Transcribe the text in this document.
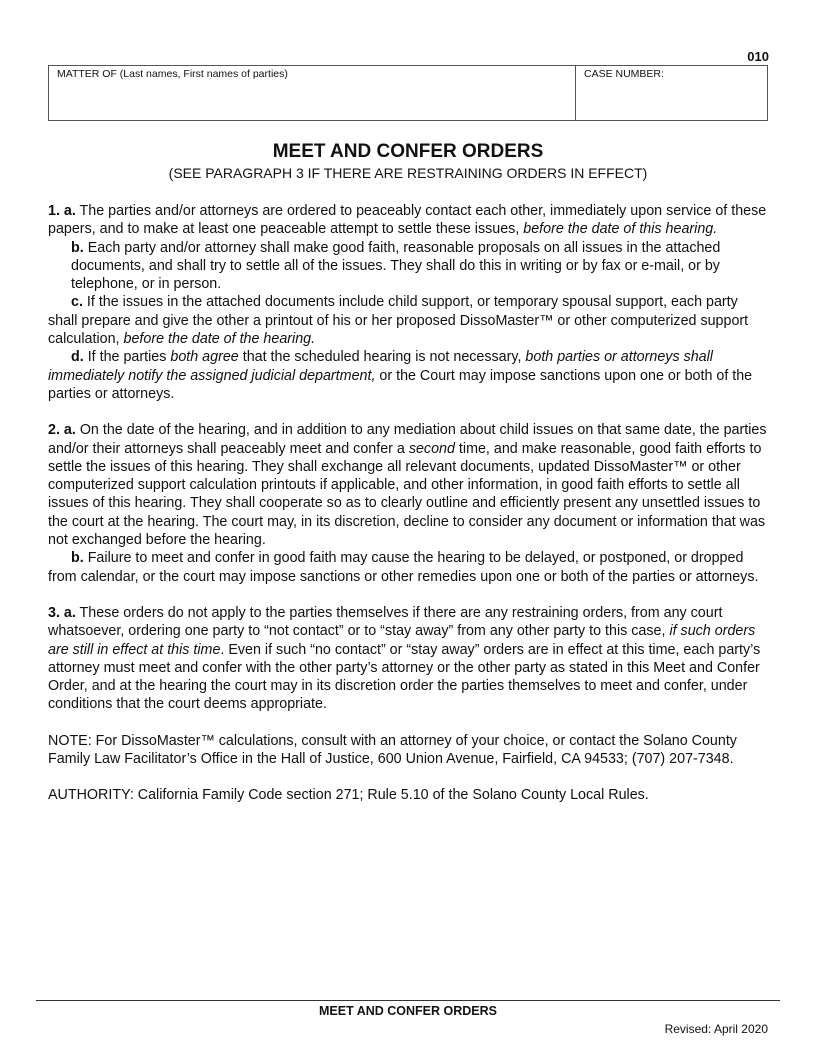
010
MATTER OF (Last names, First names of parties)	CASE NUMBER:
MEET AND CONFER ORDERS
(SEE PARAGRAPH 3 IF THERE ARE RESTRAINING ORDERS IN EFFECT)

1. a. The parties and/or attorneys are ordered to peaceably contact each other, immediately upon service of these papers, and to make at least one peaceable attempt to settle these issues, before the date of this hearing.

b. Each party and/or attorney shall make good faith, reasonable proposals on all issues in the attached documents, and shall try to settle all of the issues. They shall do this in writing or by fax or e-mail, or by telephone, or in person.

c. If the issues in the attached documents include child support, or temporary spousal support, each party shall prepare and give the other a printout of his or her proposed DissoMaster™ or other computerized support calculation, before the date of the hearing.

d. If the parties both agree that the scheduled hearing is not necessary, both parties or attorneys shall immediately notify the assigned judicial department, or the Court may impose sanctions upon one or both of the parties or attorneys.

2. a. On the date of the hearing, and in addition to any mediation about child issues on that same date, the parties and/or their attorneys shall peaceably meet and confer a second time, and make reasonable, good faith efforts to settle the issues of this hearing. They shall exchange all relevant documents, updated DissoMaster™ or other computerized support calculation printouts if applicable, and other information, in good faith efforts to settle all issues of this hearing. They shall cooperate so as to clearly outline and efficiently present any unsettled issues to the court at the hearing. The court may, in its discretion, decline to consider any document or information that was not exchanged before the hearing.

b. Failure to meet and confer in good faith may cause the hearing to be delayed, or postponed, or dropped from calendar, or the court may impose sanctions or other remedies upon one or both of the parties or attorneys.

3. a. These orders do not apply to the parties themselves if there are any restraining orders, from any court whatsoever, ordering one party to “not contact” or to “stay away” from any other party to this case, if such orders are still in effect at this time. Even if such “no contact” or “stay away” orders are in effect at this time, each party’s attorney must meet and confer with the other party’s attorney or the other party as stated in this Meet and Confer Order, and at the hearing the court may in its discretion order the parties themselves to meet and confer, under conditions that the court deems appropriate.

NOTE: For DissoMaster™ calculations, consult with an attorney of your choice, or contact the Solano County Family Law Facilitator’s Office in the Hall of Justice, 600 Union Avenue, Fairfield, CA 94533; (707) 207-7348.

AUTHORITY: California Family Code section 271; Rule 5.10 of the Solano County Local Rules.

MEET AND CONFER ORDERS
Revised: April 2020
